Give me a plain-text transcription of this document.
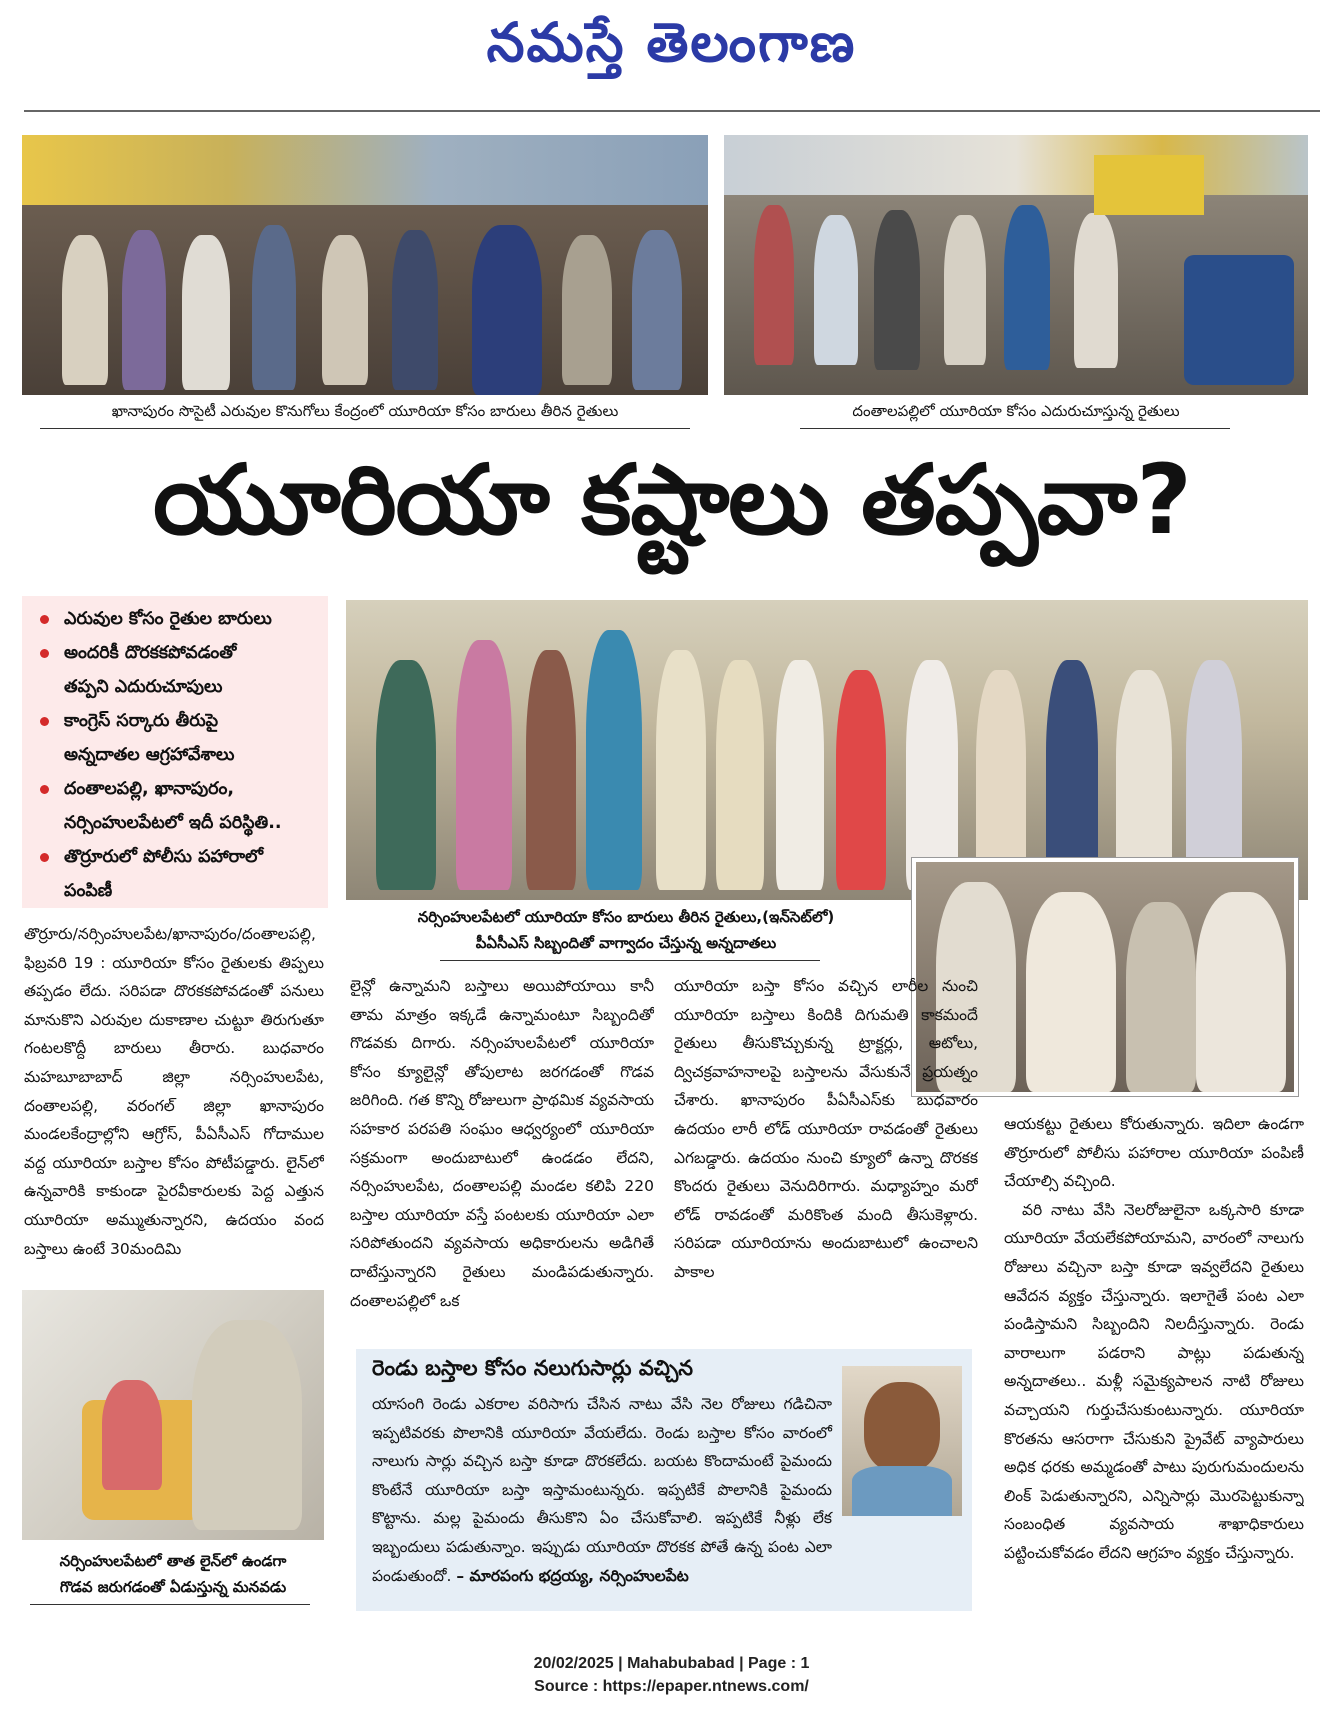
నమస్తే తెలంగాణ
ఖానాపురం సొసైటీ ఎరువుల కొనుగోలు కేంద్రంలో యూరియా కోసం బారులు తీరిన రైతులు	దంతాలపల్లిలో యూరియా కోసం ఎదురుచూస్తున్న రైతులు
యూరియా కష్టాలు తప్పవా?
ఎరువుల కోసం రైతుల బారులు
అందరికీ దొరకకపోవడంతో
తప్పని ఎదురుచూపులు
కాంగ్రెస్ సర్కారు తీరుపై
అన్నదాతల ఆగ్రహావేశాలు
దంతాలపల్లి, ఖానాపురం,
నర్సింహులపేటలో ఇదీ పరిస్థితి..
తొర్రూరులో పోలీసు పహారాలో
పంపిణీ
నర్సింహులపేటలో యూరియా కోసం బారులు తీరిన రైతులు,(ఇన్‌సెట్‌లో)
పీఏసీఎస్ సిబ్బందితో వాగ్వాదం చేస్తున్న అన్నదాతలు

తొర్రూరు/నర్సింహులపేట/ఖానాపురం/దంతాలపల్లి, ఫిబ్రవరి 19 : యూరియా కోసం రైతులకు తిప్పలు తప్పడం లేదు. సరిపడా దొరకకపోవడంతో పనులు మానుకొని ఎరువుల దుకాణాల చుట్టూ తిరుగుతూ గంటలకొద్దీ బారులు తీరారు. బుధవారం మహబూబాబాద్ జిల్లా నర్సింహులపేట, దంతాలపల్లి, వరంగల్ జిల్లా ఖానాపురం మండలకేంద్రాల్లోని ఆగ్రోస్, పీఏసీఎస్ గోదాముల వద్ద యూరియా బస్తాల కోసం పోటీపడ్డారు. లైన్‌లో ఉన్నవారికి కాకుండా పైరవీకారులకు పెద్ద ఎత్తున యూరియా అమ్ముతున్నారని, ఉదయం వంద బస్తాలు ఉంటే 30మందిమి

నర్సింహులపేటలో తాత లైన్‌లో ఉండగా
గొడవ జరుగడంతో ఏడుస్తున్న మనవడు

లైన్లో ఉన్నామని బస్తాలు అయిపోయాయి కానీ తామ మాత్రం ఇక్కడే ఉన్నామంటూ సిబ్బందితో గొడవకు దిగారు. నర్సింహులపేటలో యూరియా కోసం క్యూలైన్లో తోపులాట జరగడంతో గొడవ జరిగింది. గత కొన్ని రోజులుగా ప్రాథమిక వ్యవసాయ సహకార పరపతి సంఘం ఆధ్వర్యంలో యూరియా సక్రమంగా అందుబాటులో ఉండడం లేదని, నర్సింహులపేట, దంతాలపల్లి మండల కలిపి 220 బస్తాల యూరియా వస్తే పంటలకు యూరియా ఎలా సరిపోతుందని వ్యవసాయ అధికారులను అడిగితే దాటేస్తున్నారని రైతులు మండిపడుతున్నారు. దంతాలపల్లిలో ఒక

యూరియా బస్తా కోసం వచ్చిన లారీల నుంచి యూరియా బస్తాలు కిందికి దిగుమతి కాకమందే రైతులు తీసుకొచ్చుకున్న ట్రాక్టర్లు, ఆటోలు, ద్విచక్రవాహనాలపై బస్తాలను వేసుకునే ప్రయత్నం చేశారు. ఖానాపురం పీఏసీఎస్‌కు బుధవారం ఉదయం లారీ లోడ్ యూరియా రావడంతో రైతులు ఎగబడ్డారు. ఉదయం నుంచి క్యూలో ఉన్నా దొరకక కొందరు రైతులు వెనుదిరిగారు. మధ్యాహ్నం మరో లోడ్ రావడంతో మరికొంత మంది తీసుకెళ్లారు. సరిపడా యూరియాను అందుబాటులో ఉంచాలని పాకాల

ఆయకట్టు రైతులు కోరుతున్నారు. ఇదిలా ఉండగా తొర్రూరులో పోలీసు పహారాల యూరియా పంపిణీ చేయాల్సి వచ్చింది.

వరి నాటు వేసి నెలరోజులైనా ఒక్కసారి కూడా యూరియా వేయలేకపోయామని, వారంలో నాలుగు రోజులు వచ్చినా బస్తా కూడా ఇవ్వలేదని రైతులు ఆవేదన వ్యక్తం చేస్తున్నారు. ఇలాగైతే పంట ఎలా పండిస్తామని సిబ్బందిని నిలదీస్తున్నారు. రెండు వారాలుగా పడరాని పాట్లు పడుతున్న అన్నదాతలు.. మళ్లీ సమైక్యపాలన నాటి రోజులు వచ్చాయని గుర్తుచేసుకుంటున్నారు. యూరియా కొరతను ఆసరాగా చేసుకుని ప్రైవేట్ వ్యాపారులు అధిక ధరకు అమ్మడంతో పాటు పురుగుమందులను లింక్ పెడుతున్నారని, ఎన్నిసార్లు మొరపెట్టుకున్నా సంబంధిత వ్యవసాయ శాఖాధికారులు పట్టించుకోవడం లేదని ఆగ్రహం వ్యక్తం చేస్తున్నారు.

రెండు బస్తాల కోసం నలుగుసార్లు వచ్చిన
యాసంగి రెండు ఎకరాల వరిసాగు చేసిన నాటు వేసి నెల రోజులు గడిచినా ఇప్పటివరకు పొలానికి యూరియా వేయలేదు. రెండు బస్తాల కోసం వారంలో నాలుగు సార్లు వచ్చిన బస్తా కూడా దొరకలేదు. బయట కొందామంటే పైమందు కొంటేనే యూరియా బస్తా ఇస్తామంటున్నరు. ఇప్పటికే పొలానికి పైమందు కొట్టాను. మల్ల పైమందు తీసుకొని ఏం చేసుకోవాలి. ఇప్పటికే నీళ్లు లేక ఇబ్బందులు పడుతున్నాం. ఇప్పుడు యూరియా దొరకక పోతే ఉన్న పంట ఎలా పండుతుందో. – మారపంగు భద్రయ్య, నర్సింహులపేట
20/02/2025 | Mahabubabad | Page : 1
Source : https://epaper.ntnews.com/
